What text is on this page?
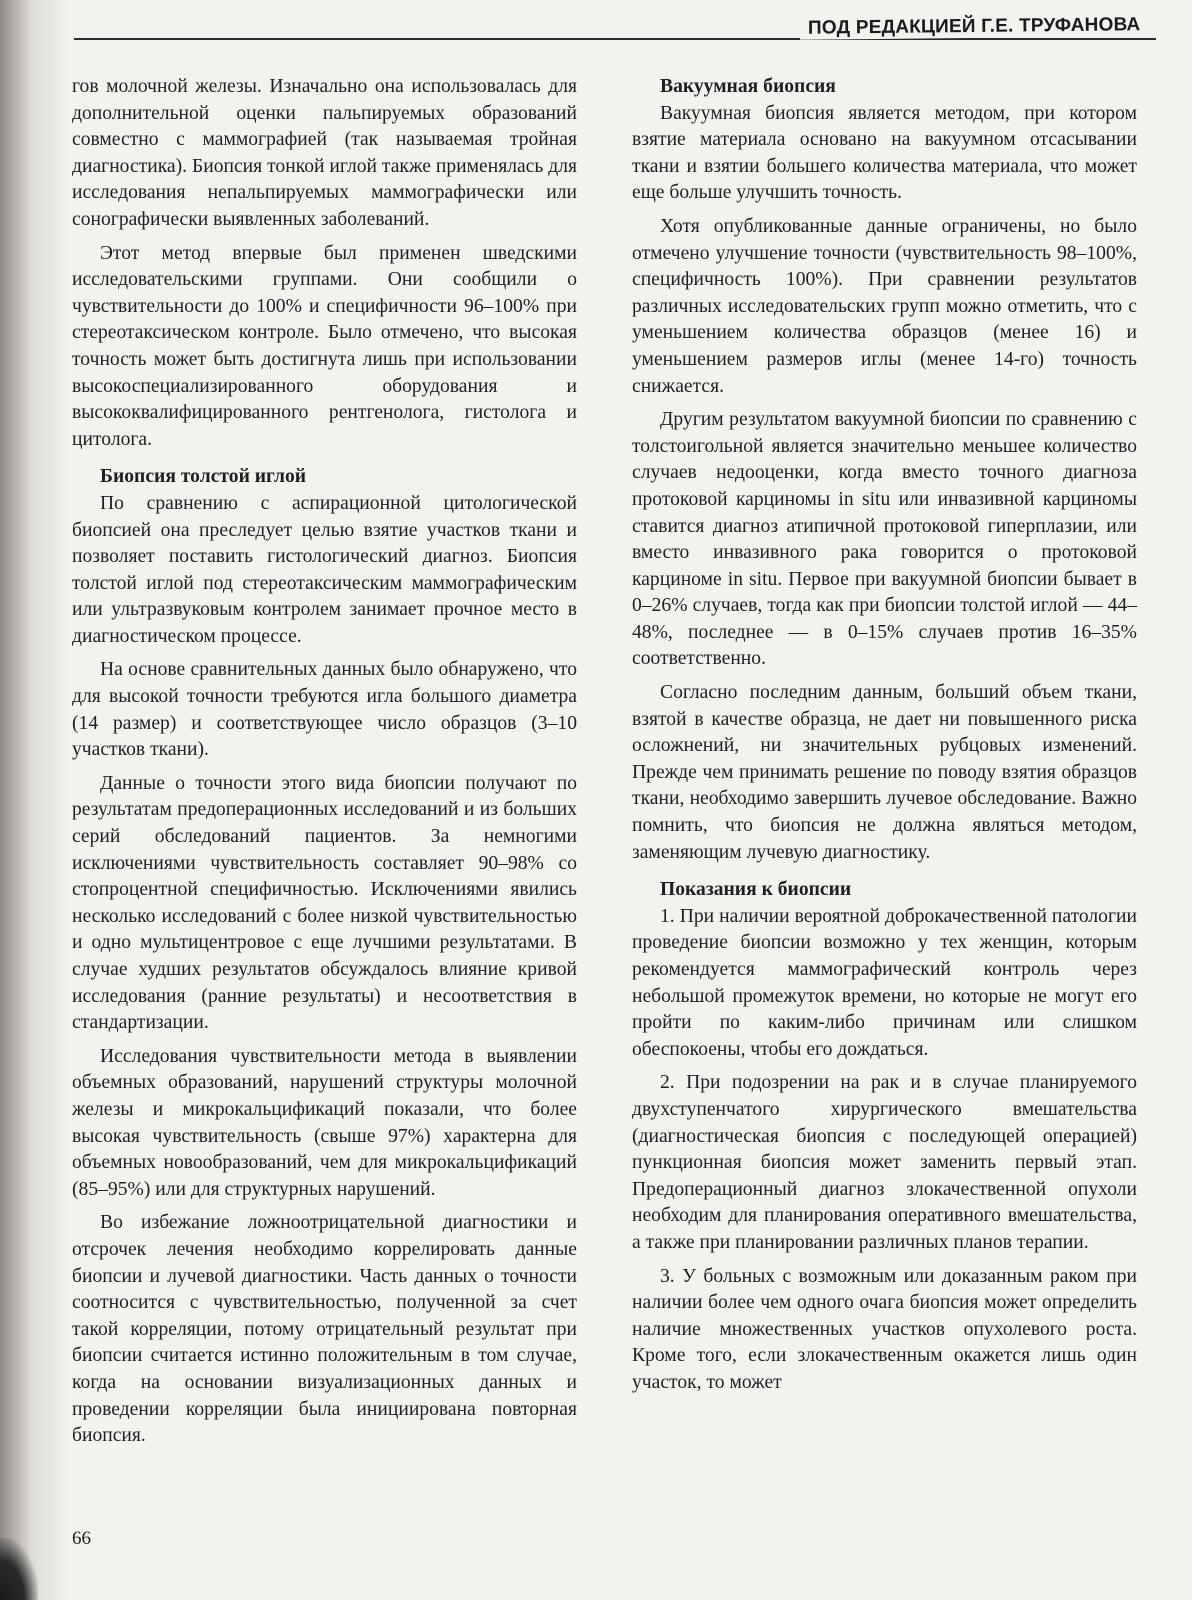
ПОД РЕДАКЦИЕЙ Г.Е. ТРУФАНОВА

гов молочной железы. Изначально она использовалась для дополнительной оценки пальпируемых образований совместно с маммографией (так называемая тройная диагностика). Биопсия тонкой иглой также применялась для исследования непальпируемых маммографически или сонографически выявленных заболеваний.

Этот метод впервые был применен шведскими исследовательскими группами. Они сообщили о чувствительности до 100% и специфичности 96–100% при стереотаксическом контроле. Было отмечено, что высокая точность может быть достигнута лишь при использовании высокоспециализированного оборудования и высококвалифицированного рентгенолога, гистолога и цитолога.

Биопсия толстой иглой

По сравнению с аспирационной цитологической биопсией она преследует целью взятие участков ткани и позволяет поставить гистологический диагноз. Биопсия толстой иглой под стереотаксическим маммографическим или ультразвуковым контролем занимает прочное место в диагностическом процессе.

На основе сравнительных данных было обнаружено, что для высокой точности требуются игла большого диаметра (14 размер) и соответствующее число образцов (3–10 участков ткани).

Данные о точности этого вида биопсии получают по результатам предоперационных исследований и из больших серий обследований пациентов. За немногими исключениями чувствительность составляет 90–98% со стопроцентной специфичностью. Исключениями явились несколько исследований с более низкой чувствительностью и одно мультицентровое с еще лучшими результатами. В случае худших результатов обсуждалось влияние кривой исследования (ранние результаты) и несоответствия в стандартизации.

Исследования чувствительности метода в выявлении объемных образований, нарушений структуры молочной железы и микрокальцификаций показали, что более высокая чувствительность (свыше 97%) характерна для объемных новообразований, чем для микрокальцификаций (85–95%) или для структурных нарушений.

Во избежание ложноотрицательной диагностики и отсрочек лечения необходимо коррелировать данные биопсии и лучевой диагностики. Часть данных о точности соотносится с чувствительностью, полученной за счет такой корреляции, потому отрицательный результат при биопсии считается истинно положительным в том случае, когда на основании визуализационных данных и проведении корреляции была инициирована повторная биопсия.

Вакуумная биопсия

Вакуумная биопсия является методом, при котором взятие материала основано на вакуумном отсасывании ткани и взятии большего количества материала, что может еще больше улучшить точность.

Хотя опубликованные данные ограничены, но было отмечено улучшение точности (чувствительность 98–100%, специфичность 100%). При сравнении результатов различных исследовательских групп можно отметить, что с уменьшением количества образцов (менее 16) и уменьшением размеров иглы (менее 14-го) точность снижается.

Другим результатом вакуумной биопсии по сравнению с толстоигольной является значительно меньшее количество случаев недооценки, когда вместо точного диагноза протоковой карциномы in situ или инвазивной карциномы ставится диагноз атипичной протоковой гиперплазии, или вместо инвазивного рака говорится о протоковой карциноме in situ. Первое при вакуумной биопсии бывает в 0–26% случаев, тогда как при биопсии толстой иглой — 44–48%, последнее — в 0–15% случаев против 16–35% соответственно.

Согласно последним данным, больший объем ткани, взятой в качестве образца, не дает ни повышенного риска осложнений, ни значительных рубцовых изменений. Прежде чем принимать решение по поводу взятия образцов ткани, необходимо завершить лучевое обследование. Важно помнить, что биопсия не должна являться методом, заменяющим лучевую диагностику.

Показания к биопсии

1. При наличии вероятной доброкачественной патологии проведение биопсии возможно у тех женщин, которым рекомендуется маммографический контроль через небольшой промежуток времени, но которые не могут его пройти по каким-либо причинам или слишком обеспокоены, чтобы его дождаться.

2. При подозрении на рак и в случае планируемого двухступенчатого хирургического вмешательства (диагностическая биопсия с последующей операцией) пункционная биопсия может заменить первый этап. Предоперационный диагноз злокачественной опухоли необходим для планирования оперативного вмешательства, а также при планировании различных планов терапии.

3. У больных с возможным или доказанным раком при наличии более чем одного очага биопсия может определить наличие множественных участков опухолевого роста. Кроме того, если злокачественным окажется лишь один участок, то может

66
